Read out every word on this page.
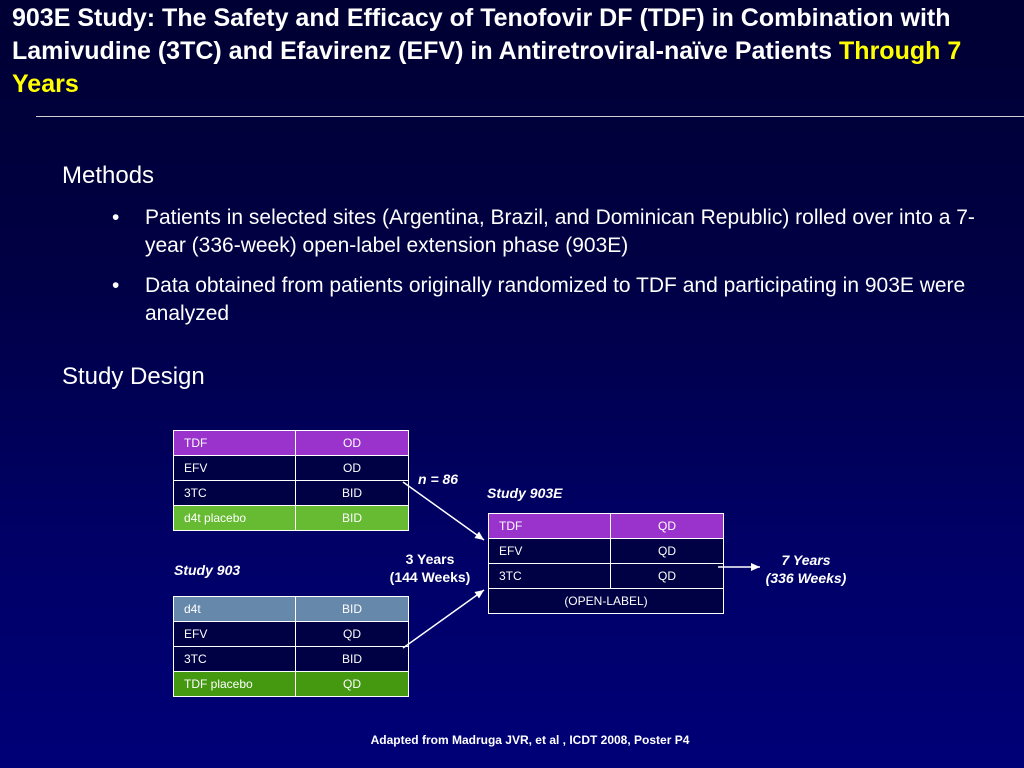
903E Study: The Safety and Efficacy of Tenofovir DF (TDF) in Combination with Lamivudine (3TC) and Efavirenz (EFV) in Antiretroviral-naïve Patients Through 7 Years
Methods
• Patients in selected sites (Argentina, Brazil, and Dominican Republic) rolled over into a 7-year (336-week) open-label extension phase (903E)
• Data obtained from patients originally randomized to TDF and participating in 903E were analyzed
Study Design
TDF	OD
EFV	OD
3TC	BID
d4t placebo	BID
d4t	BID
EFV	QD
3TC	BID
TDF placebo	QD
TDF	QD
EFV	QD
3TC	QD
(OPEN-LABEL)	
Study 903
Study 903E
n = 86
3 Years
(144 Weeks)
7 Years
(336 Weeks)
Adapted from Madruga JVR, et al , ICDT 2008, Poster P4
